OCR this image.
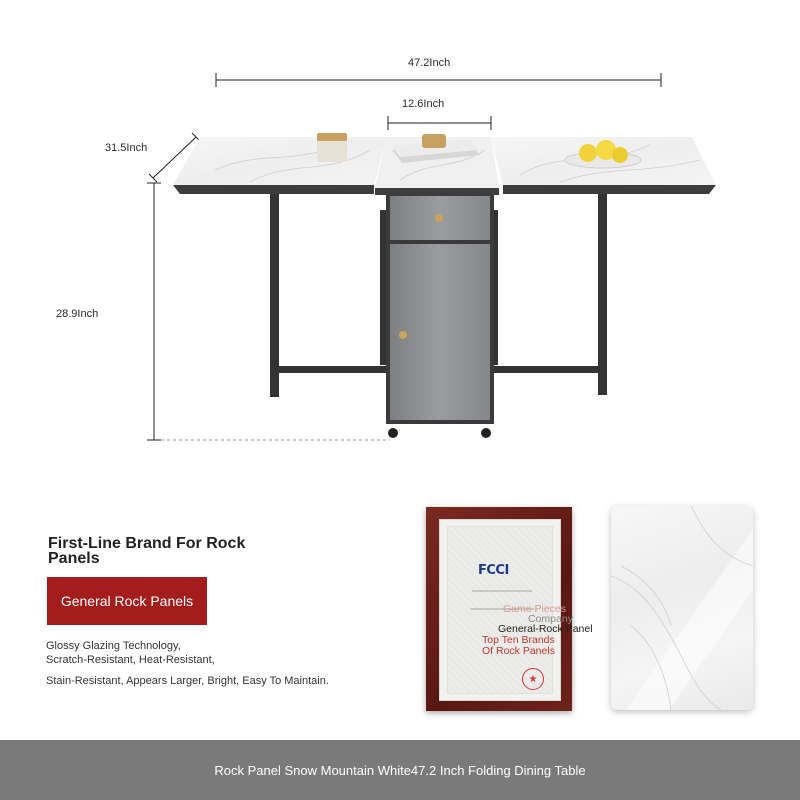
47.2Inch
12.6Inch
31.5Inch
28.9Inch
First-Line Brand For Rock Panels
General Rock Panels
Glossy Glazing Technology,
Scratch-Resistant, Heat-Resistant,
Stain-Resistant, Appears Larger, Bright, Easy To Maintain.
FCCI
Game Pieces
Company
General-Rock Panel
Top Ten Brands
Of Rock Panels
★
Rock Panel Snow Mountain White47.2 Inch Folding Dining Table
